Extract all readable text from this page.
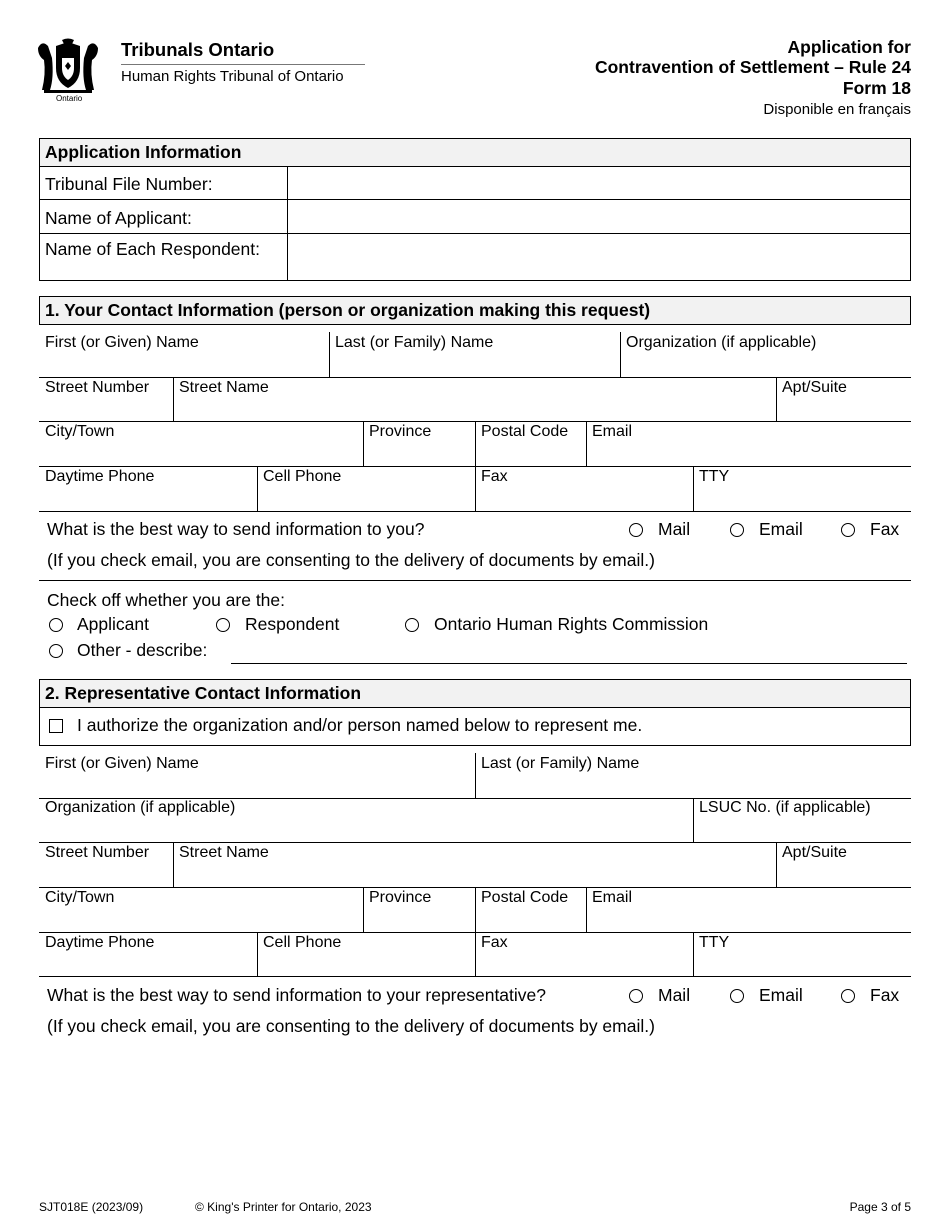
Ontario
Tribunals Ontario
Human Rights Tribunal of Ontario
Application for
Contravention of Settlement – Rule 24
Form 18
Disponible en français
Application Information
Tribunal File Number:
Name of Applicant:
Name of Each Respondent:
1. Your Contact Information (person or organization making this request)
First (or Given) Name	Last (or Family) Name	Organization (if applicable)
Street Number Street Name	Apt/Suite
City/Town	Province	Postal Code Email
Daytime Phone	Cell Phone	Fax	TTY
What is the best way to send information to you?	Mail	Email	Fax
(If you check email, you are consenting to the delivery of documents by email.)
Check off whether you are the:
Applicant	Respondent	Ontario Human Rights Commission
Other - describe:
2. Representative Contact Information
I authorize the organization and/or person named below to represent me.
First (or Given) Name	Last (or Family) Name
Organization (if applicable)	LSUC No. (if applicable)
Street Number Street Name	Apt/Suite
City/Town	Province	Postal Code Email
Daytime Phone	Cell Phone	Fax	TTY
What is the best way to send information to your representative?	Mail	Email	Fax
(If you check email, you are consenting to the delivery of documents by email.)
SJT018E (2023/09)	© King's Printer for Ontario, 2023	Page 3 of 5
